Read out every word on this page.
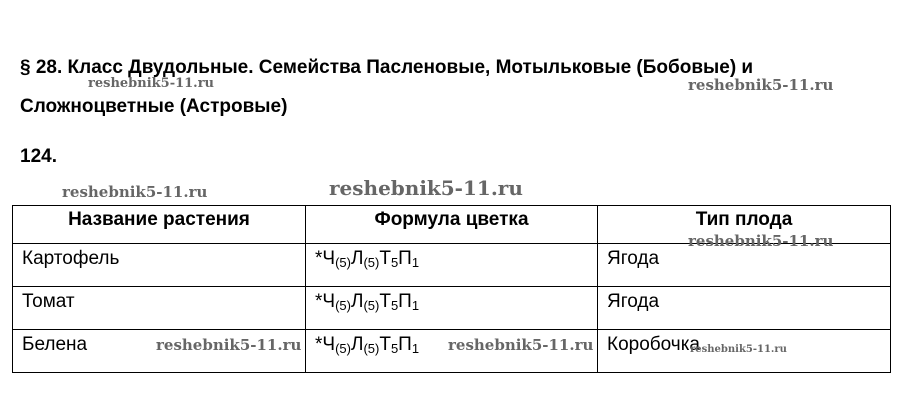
§ 28. Класс Двудольные. Семейства Пасленовые, Мотыльковые (Бобовые) и Сложноцветные (Астровые)
124.
Название растения	Формула цветка	Тип плода
Картофель	$*Ч_{(5)}Л_{(5)}Т_5П_1$	Ягода
Томат	$*Ч_{(5)}Л_{(5)}Т_5П_1$	Ягода
Белена	$*Ч_{(5)}Л_{(5)}Т_5П_1$	Коробочка
reshebnik5-11.ru	reshebnik5-11.ru
reshebnik5-11.ru	reshebnik5-11.ru
reshebnik5-11.ru
reshebnik5-11.ru	reshebnik5-11.ru	reshebnik5-11.ru
